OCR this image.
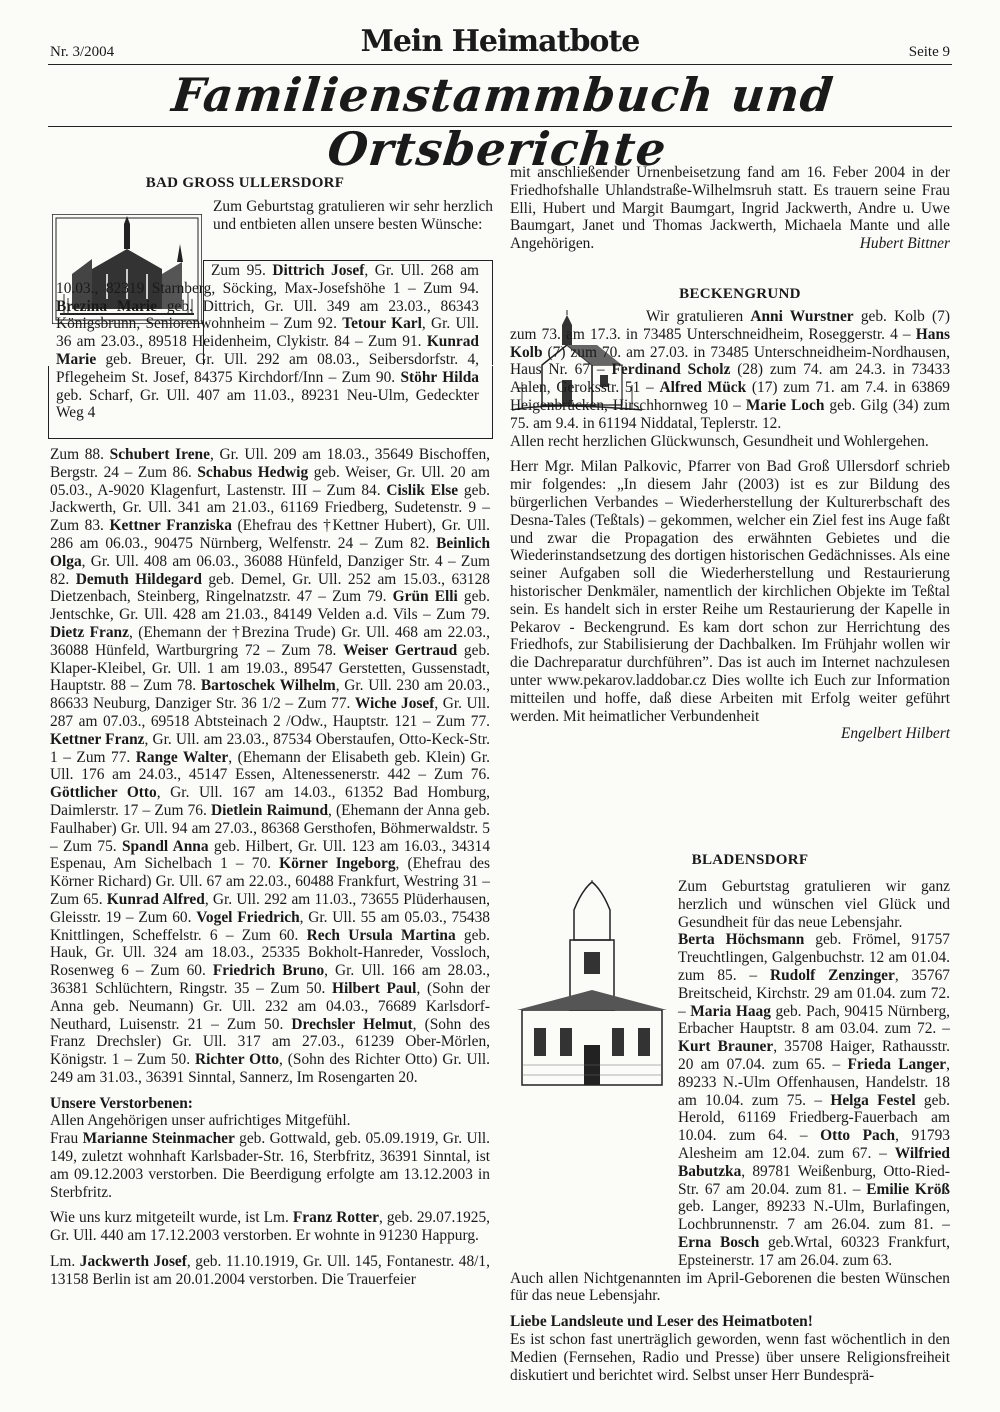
Nr. 3/2004	Mein Heimatbote	Seite 9
Familienstammbuch und Ortsberichte
BAD GROSS ULLERSDORF

Zum Geburtstag gratulieren wir sehr herzlich und entbieten allen unsere besten Wünsche:

Zum 95. Dittrich Josef, Gr. Ull. 268 am 10.03., 82319 Starnberg, Söcking, Max-Josefshöhe 1 – Zum 94. Brezina Marie geb. Dittrich, Gr. Ull. 349 am 23.03., 86343 Königsbrunn, Seniorenwohnheim – Zum 92. Tetour Karl, Gr. Ull. 36 am 23.03., 89518 Heidenheim, Clykistr. 84 – Zum 91. Kunrad Marie geb. Breuer, Gr. Ull. 292 am 08.03., Seibersdorfstr. 4, Pflegeheim St. Josef, 84375 Kirchdorf/Inn – Zum 90. Stöhr Hilda geb. Scharf, Gr. Ull. 407 am 11.03., 89231 Neu-Ulm, Gedeckter Weg 4

Zum 88. Schubert Irene, Gr. Ull. 209 am 18.03., 35649 Bischoffen, Bergstr. 24 – Zum 86. Schabus Hedwig geb. Weiser, Gr. Ull. 20 am 05.03., A-9020 Klagenfurt, Lastenstr. III – Zum 84. Cislik Else geb. Jackwerth, Gr. Ull. 341 am 21.03., 61169 Friedberg, Sudetenstr. 9 – Zum 83. Kettner Franziska (Ehefrau des †Kettner Hubert), Gr. Ull. 286 am 06.03., 90475 Nürnberg, Welfenstr. 24 – Zum 82. Beinlich Olga, Gr. Ull. 408 am 06.03., 36088 Hünfeld, Danziger Str. 4 – Zum 82. Demuth Hildegard geb. Demel, Gr. Ull. 252 am 15.03., 63128 Dietzenbach, Steinberg, Ringelnatzstr. 47 – Zum 79. Grün Elli geb. Jentschke, Gr. Ull. 428 am 21.03., 84149 Velden a.d. Vils – Zum 79. Dietz Franz, (Ehemann der †Brezina Trude) Gr. Ull. 468 am 22.03., 36088 Hünfeld, Wartburgring 72 – Zum 78. Weiser Gertraud geb. Klaper-Kleibel, Gr. Ull. 1 am 19.03., 89547 Gerstetten, Gussenstadt, Hauptstr. 88 – Zum 78. Bartoschek Wilhelm, Gr. Ull. 230 am 20.03., 86633 Neuburg, Danziger Str. 36 1/2 – Zum 77. Wiche Josef, Gr. Ull. 287 am 07.03., 69518 Abtsteinach 2 /Odw., Hauptstr. 121 – Zum 77. Kettner Franz, Gr. Ull. am 23.03., 87534 Oberstaufen, Otto-Keck-Str. 1 – Zum 77. Range Walter, (Ehemann der Elisabeth geb. Klein) Gr. Ull. 176 am 24.03., 45147 Essen, Altenessenerstr. 442 – Zum 76. Göttlicher Otto, Gr. Ull. 167 am 14.03., 61352 Bad Homburg, Daimlerstr. 17 – Zum 76. Dietlein Raimund, (Ehemann der Anna geb. Faulhaber) Gr. Ull. 94 am 27.03., 86368 Gersthofen, Böhmerwaldstr. 5 – Zum 75. Spandl Anna geb. Hilbert, Gr. Ull. 123 am 16.03., 34314 Espenau, Am Sichelbach 1 – 70. Körner Ingeborg, (Ehefrau des Körner Richard) Gr. Ull. 67 am 22.03., 60488 Frankfurt, Westring 31 – Zum 65. Kunrad Alfred, Gr. Ull. 292 am 11.03., 73655 Plüderhausen, Gleisstr. 19 – Zum 60. Vogel Friedrich, Gr. Ull. 55 am 05.03., 75438 Knittlingen, Scheffelstr. 6 – Zum 60. Rech Ursula Martina geb. Hauk, Gr. Ull. 324 am 18.03., 25335 Bokholt-Hanreder, Vossloch, Rosenweg 6 – Zum 60. Friedrich Bruno, Gr. Ull. 166 am 28.03., 36381 Schlüchtern, Ringstr. 35 – Zum 50. Hilbert Paul, (Sohn der Anna geb. Neumann) Gr. Ull. 232 am 04.03., 76689 Karlsdorf-Neuthard, Luisenstr. 21 – Zum 50. Drechsler Helmut, (Sohn des Franz Drechsler) Gr. Ull. 317 am 27.03., 61239 Ober-Mörlen, Königstr. 1 – Zum 50. Richter Otto, (Sohn des Richter Otto) Gr. Ull. 249 am 31.03., 36391 Sinntal, Sannerz, Im Rosengarten 20.

Unsere Verstorbenen:

Allen Angehörigen unser aufrichtiges Mitgefühl.

Frau Marianne Steinmacher geb. Gottwald, geb. 05.09.1919, Gr. Ull. 149, zuletzt wohnhaft Karlsbader-Str. 16, Sterbfritz, 36391 Sinntal, ist am 09.12.2003 verstorben. Die Beerdigung erfolgte am 13.12.2003 in Sterbfritz.

Wie uns kurz mitgeteilt wurde, ist Lm. Franz Rotter, geb. 29.07.1925, Gr. Ull. 440 am 17.12.2003 verstorben. Er wohnte in 91230 Happurg.

Lm. Jackwerth Josef, geb. 11.10.1919, Gr. Ull. 145, Fontanestr. 48/1, 13158 Berlin ist am 20.01.2004 verstorben. Die Trauerfeier

mit anschließender Urnenbeisetzung fand am 16. Feber 2004 in der Friedhofshalle Uhlandstraße-Wilhelmsruh statt. Es trauern seine Frau Elli, Hubert und Margit Baumgart, Ingrid Jackwerth, Andre u. Uwe Baumgart, Janet und Thomas Jackwerth, Michaela Mante und alle Angehörigen.	Hubert Bittner

BECKENGRUND

Wir gratulieren Anni Wurstner geb. Kolb (7) zum 73. am 17.3. in 73485 Unterschneidheim, Roseggerstr. 4 – Hans Kolb (7) zum 70. am 27.03. in 73485 Unterschneidheim-Nordhausen, Haus Nr. 67 – Ferdinand Scholz (28) zum 74. am 24.3. in 73433 Aalen, Geroksstr. 51 – Alfred Mück (17) zum 71. am 7.4. in 63869 Heigenbrücken, Hirschhornweg 10 – Marie Loch geb. Gilg (34) zum 75. am 9.4. in 61194 Niddatal, Teplerstr. 12.

Allen recht herzlichen Glückwunsch, Gesundheit und Wohlergehen.

Herr Mgr. Milan Palkovic, Pfarrer von Bad Groß Ullersdorf schrieb mir folgendes: „In diesem Jahr (2003) ist es zur Bildung des bürgerlichen Verbandes – Wiederherstellung der Kulturerbschaft des Desna-Tales (Teßtals) – gekommen, welcher ein Ziel fest ins Auge faßt und zwar die Propagation des erwähnten Gebietes und die Wiederinstandsetzung des dortigen historischen Gedächnisses. Als eine seiner Aufgaben soll die Wiederherstellung und Restaurierung historischer Denkmäler, namentlich der kirchlichen Objekte im Teßtal sein. Es handelt sich in erster Reihe um Restaurierung der Kapelle in Pekarov - Beckengrund. Es kam dort schon zur Herrichtung des Friedhofs, zur Stabilisierung der Dachbalken. Im Frühjahr wollen wir die Dachreparatur durchführen”. Das ist auch im Internet nachzulesen unter www.pekarov.laddobar.cz Dies wollte ich Euch zur Information mitteilen und hoffe, daß diese Arbeiten mit Erfolg weiter geführt werden. Mit heimatlicher Verbundenheit

Engelbert Hilbert

BLADENSDORF

Zum Geburtstag gratulieren wir ganz herzlich und wünschen viel Glück und Gesundheit für das neue Lebensjahr.

Berta Höchsmann geb. Frömel, 91757 Treuchtlingen, Galgenbuchstr. 12 am 01.04. zum 85. – Rudolf Zenzinger, 35767 Breitscheid, Kirchstr. 29 am 01.04. zum 72. – Maria Haag geb. Pach, 90415 Nürnberg, Erbacher Hauptstr. 8 am 03.04. zum 72. – Kurt Brauner, 35708 Haiger, Rathausstr. 20 am 07.04. zum 65. – Frieda Langer, 89233 N.-Ulm Offenhausen, Handelstr. 18 am 10.04. zum 75. – Helga Festel geb. Herold, 61169 Friedberg-Fauerbach am 10.04. zum 64. – Otto Pach, 91793 Alesheim am 12.04. zum 67. – Wilfried Babutzka, 89781 Weißenburg, Otto-Ried-Str. 67 am 20.04. zum 81. – Emilie Kröß geb. Langer, 89233 N.-Ulm, Burlafingen, Lochbrunnenstr. 7 am 26.04. zum 81. – Erna Bosch geb.Wrtal, 60323 Frankfurt, Epsteinerstr. 17 am 26.04. zum 63.

Auch allen Nichtgenannten im April-Geborenen die besten Wünschen für das neue Lebensjahr.

Liebe Landsleute und Leser des Heimatboten!

Es ist schon fast unerträglich geworden, wenn fast wöchentlich in den Medien (Fernsehen, Radio und Presse) über unsere Religionsfreiheit diskutiert und berichtet wird. Selbst unser Herr Bundesprä-
